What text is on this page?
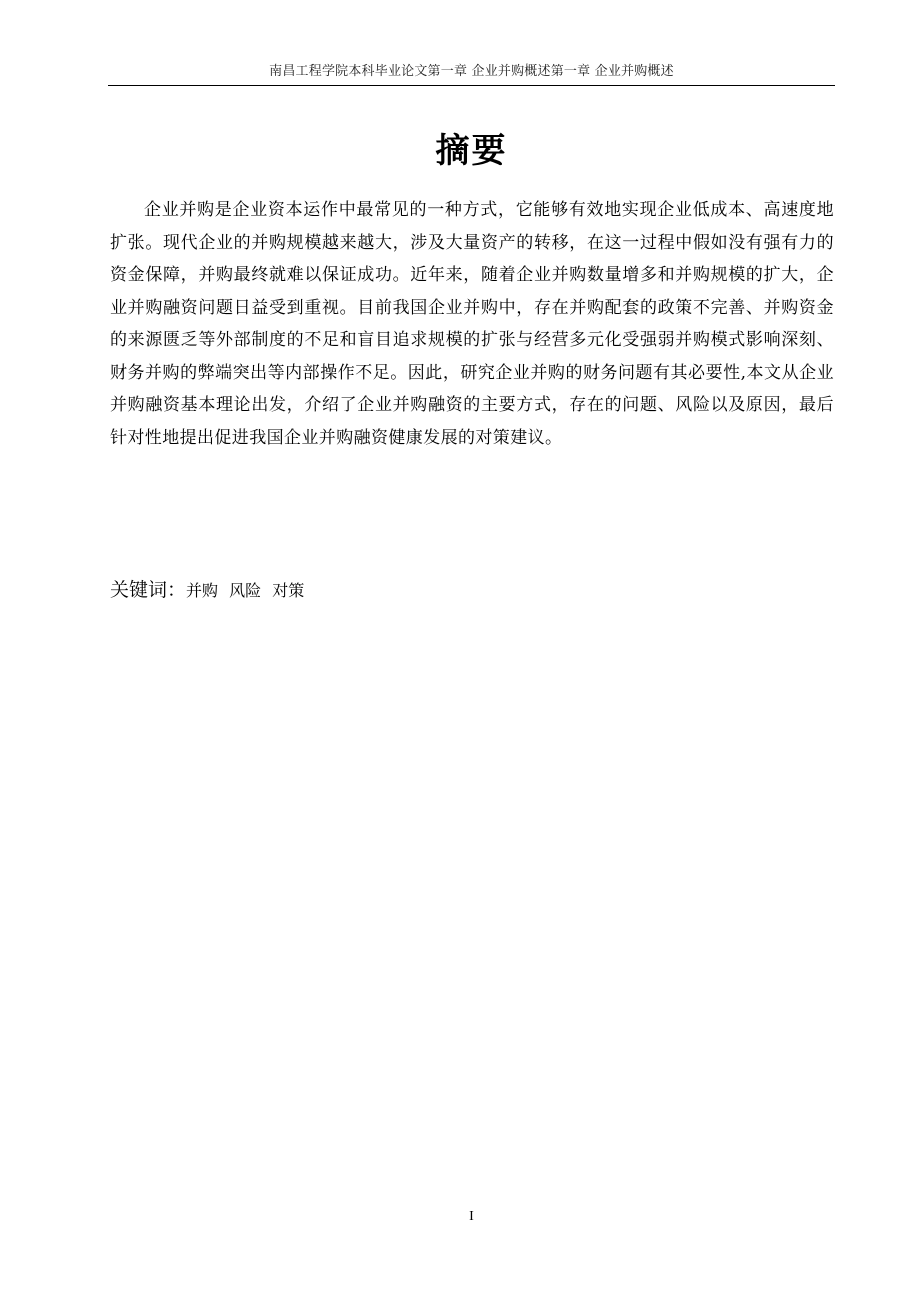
南昌工程学院本科毕业论文第一章 企业并购概述第一章 企业并购概述
摘要

企业并购是企业资本运作中最常见的一种方式，它能够有效地实现企业低成本、高速度地扩张。现代企业的并购规模越来越大，涉及大量资产的转移，在这一过程中假如没有强有力的资金保障，并购最终就难以保证成功。近年来，随着企业并购数量增多和并购规模的扩大，企业并购融资问题日益受到重视。目前我国企业并购中，存在并购配套的政策不完善、并购资金的来源匮乏等外部制度的不足和盲目追求规模的扩张与经营多元化受强弱并购模式影响深刻、财务并购的弊端突出等内部操作不足。因此，研究企业并购的财务问题有其必要性,本文从企业并购融资基本理论出发，介绍了企业并购融资的主要方式，存在的问题、风险以及原因，最后针对性地提出促进我国企业并购融资健康发展的对策建议。

关键词：并购 风险 对策
I
